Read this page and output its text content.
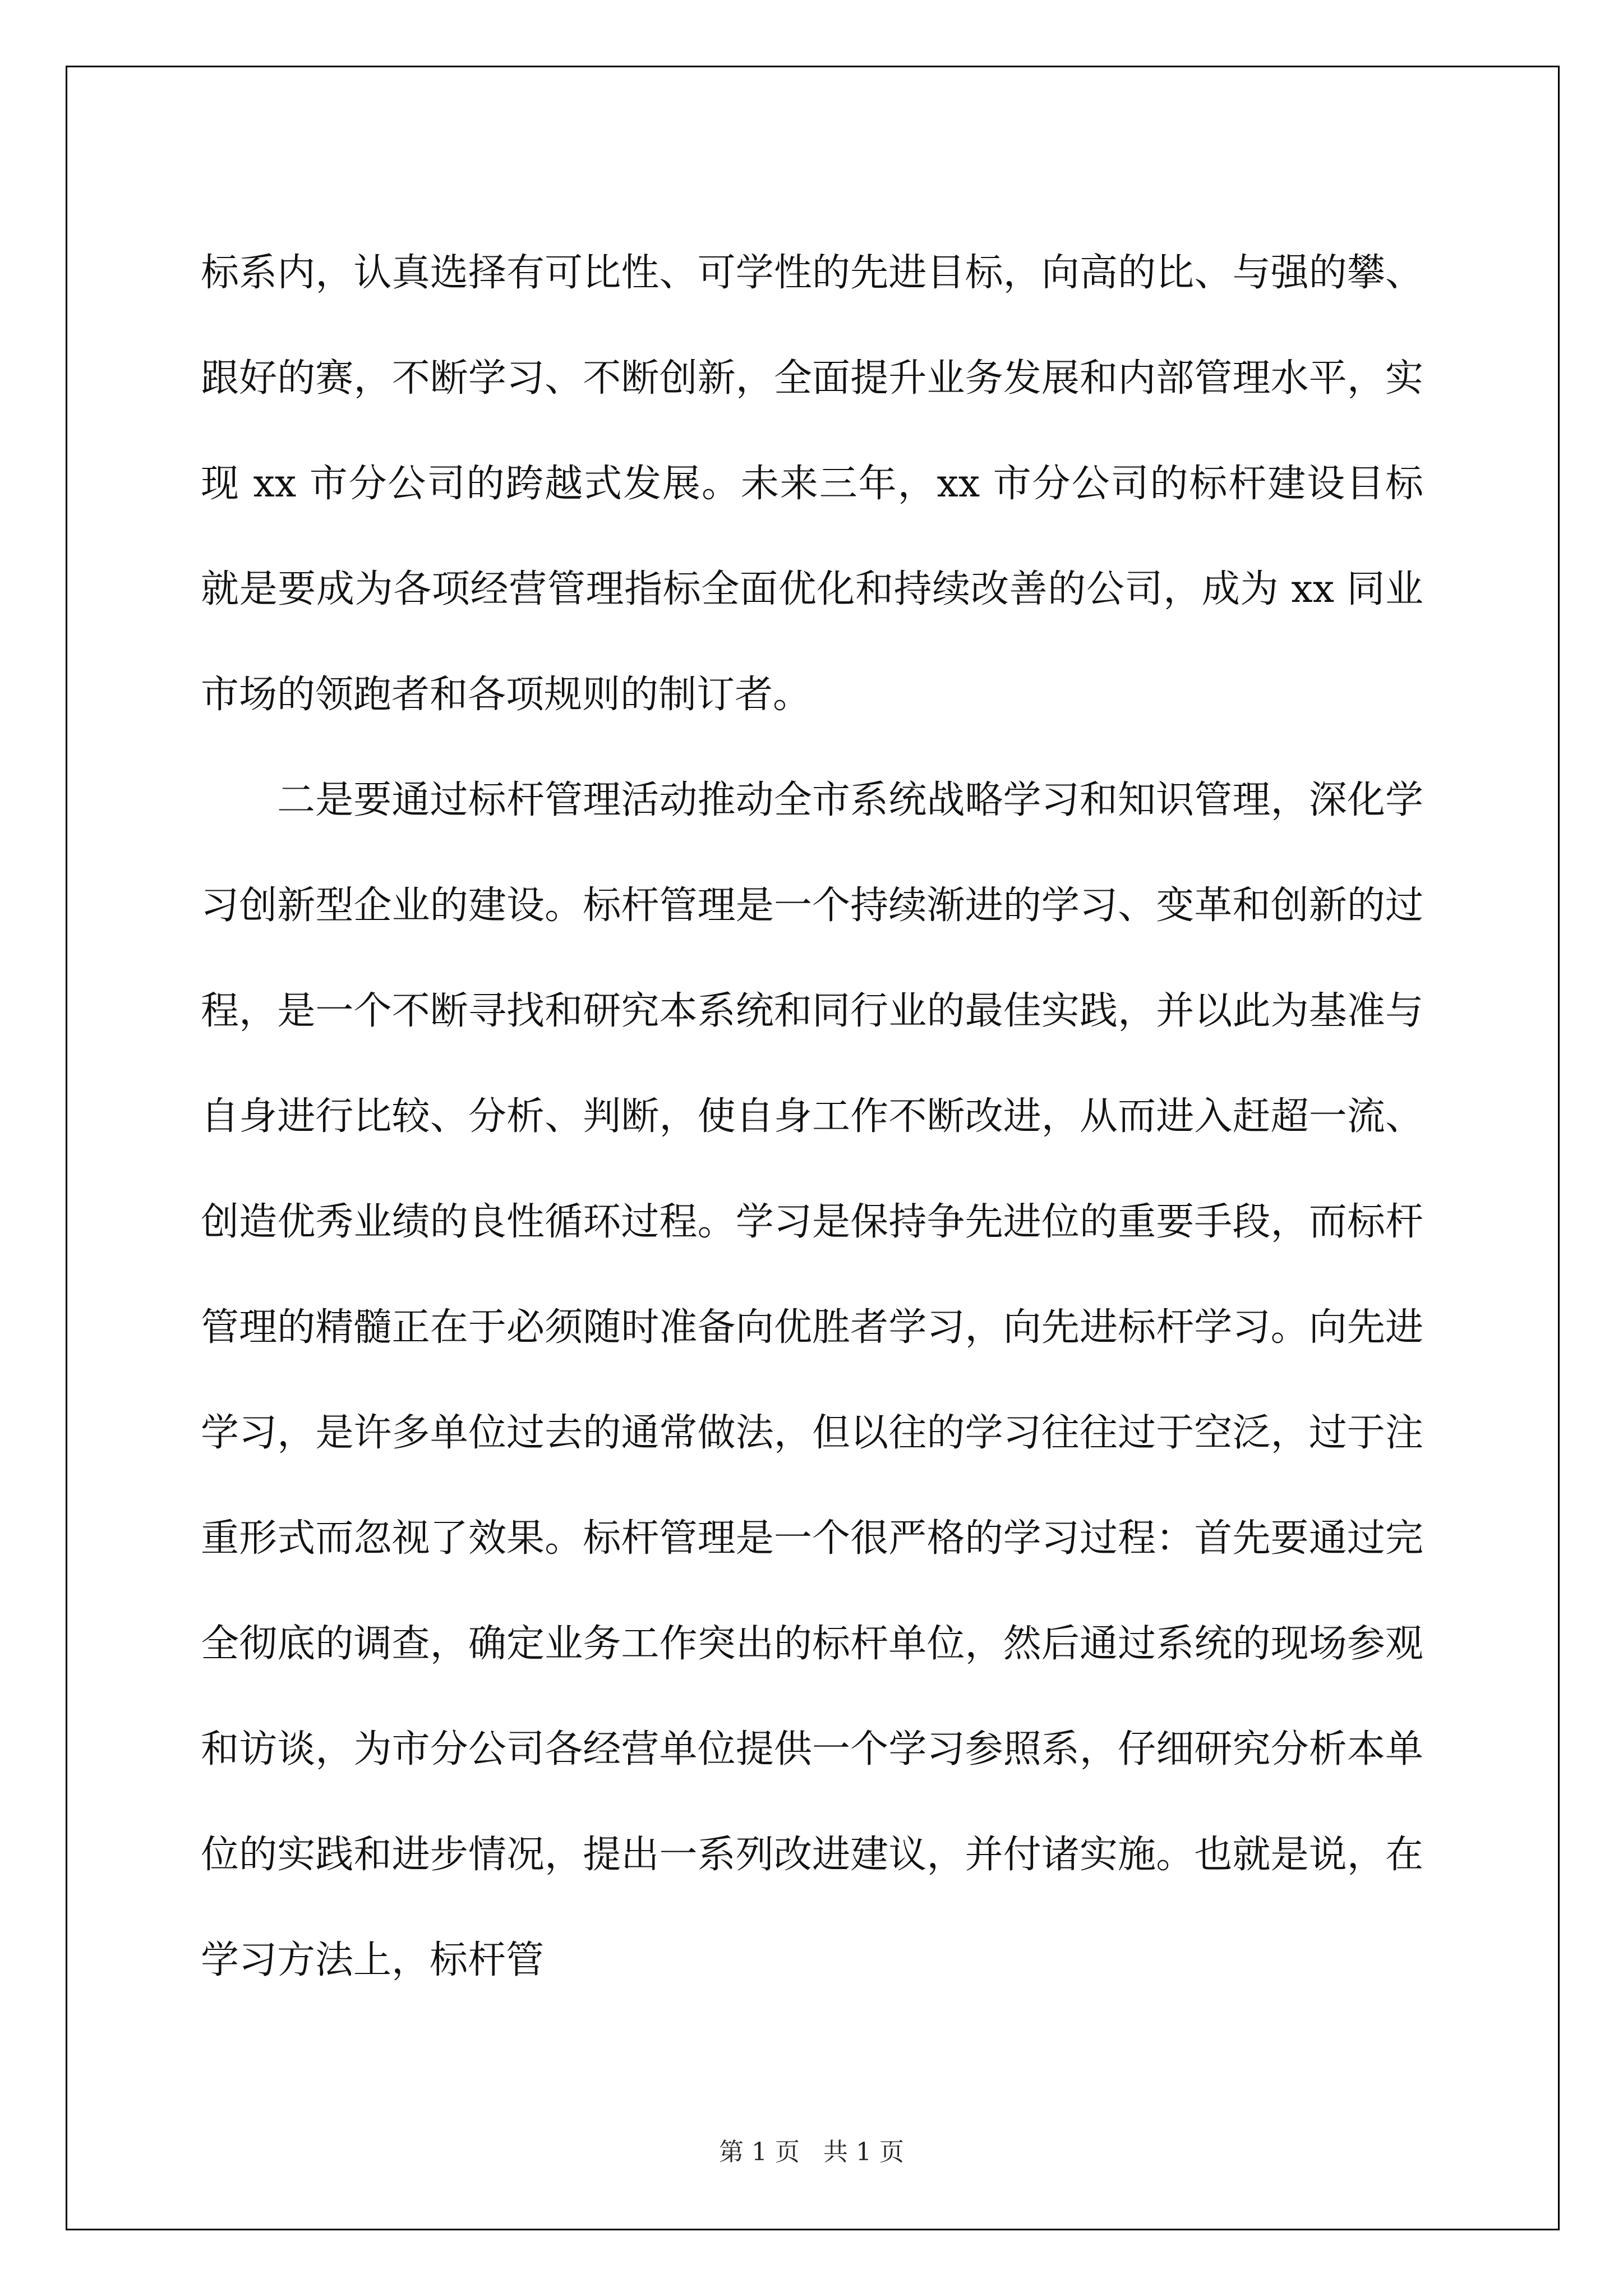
标系内，认真选择有可比性、可学性的先进目标，向高的比、与强的攀、跟好的赛，不断学习、不断创新，全面提升业务发展和内部管理水平，实现 xx 市分公司的跨越式发展。未来三年，xx 市分公司的标杆建设目标就是要成为各项经营管理指标全面优化和持续改善的公司，成为 xx 同业市场的领跑者和各项规则的制订者。

二是要通过标杆管理活动推动全市系统战略学习和知识管理，深化学习创新型企业的建设。标杆管理是一个持续渐进的学习、变革和创新的过程，是一个不断寻找和研究本系统和同行业的最佳实践，并以此为基准与自身进行比较、分析、判断，使自身工作不断改进，从而进入赶超一流、创造优秀业绩的良性循环过程。学习是保持争先进位的重要手段，而标杆管理的精髓正在于必须随时准备向优胜者学习，向先进标杆学习。向先进学习，是许多单位过去的通常做法，但以往的学习往往过于空泛，过于注重形式而忽视了效果。标杆管理是一个很严格的学习过程：首先要通过完全彻底的调查，确定业务工作突出的标杆单位，然后通过系统的现场参观和访谈，为市分公司各经营单位提供一个学习参照系，仔细研究分析本单位的实践和进步情况，提出一系列改进建议，并付诸实施。也就是说，在学习方法上，标杆管

第 1 页   共 1 页
